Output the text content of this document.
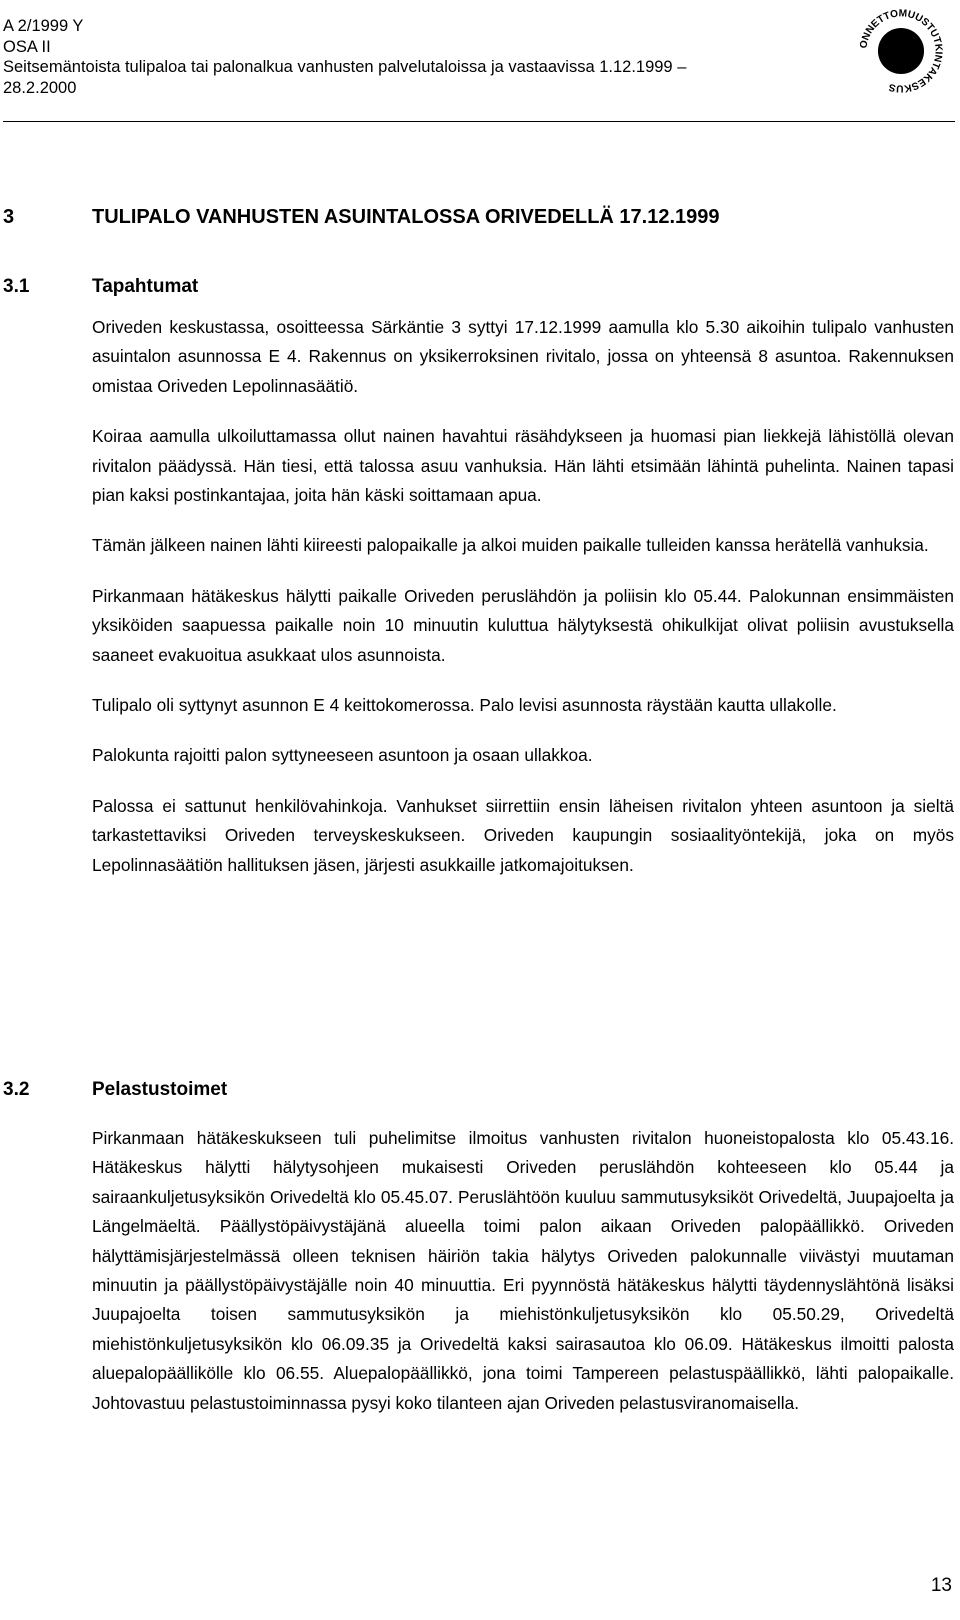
A 2/1999 Y
OSA II
Seitsemäntoista tulipaloa tai palonalkua vanhusten palvelutaloissa ja vastaavissa 1.12.1999 –
28.2.2000
ONNETTOMUUSTUTKINTAKESKUS
3	TULIPALO VANHUSTEN ASUINTALOSSA ORIVEDELLÄ 17.12.1999
3.1	Tapahtumat

Oriveden keskustassa, osoitteessa Särkäntie 3 syttyi 17.12.1999 aamulla klo 5.30 aikoihin tulipalo vanhusten asuintalon asunnossa E 4. Rakennus on yksikerroksinen rivitalo, jossa on yhteensä 8 asuntoa. Rakennuksen omistaa Oriveden Lepolinnasäätiö.

Koiraa aamulla ulkoiluttamassa ollut nainen havahtui räsähdykseen ja huomasi pian liekkejä lähistöllä olevan rivitalon päädyssä. Hän tiesi, että talossa asuu vanhuksia. Hän lähti etsimään lähintä puhelinta. Nainen tapasi pian kaksi postinkantajaa, joita hän käski soittamaan apua.

Tämän jälkeen nainen lähti kiireesti palopaikalle ja alkoi muiden paikalle tulleiden kanssa herätellä vanhuksia.

Pirkanmaan hätäkeskus hälytti paikalle Oriveden peruslähdön ja poliisin klo 05.44. Palokunnan ensimmäisten yksiköiden saapuessa paikalle noin 10 minuutin kuluttua hälytyksestä ohikulkijat olivat poliisin avustuksella saaneet evakuoitua asukkaat ulos asunnoista.

Tulipalo oli syttynyt asunnon E 4 keittokomerossa. Palo levisi asunnosta räystään kautta ullakolle.

Palokunta rajoitti palon syttyneeseen asuntoon ja osaan ullakkoa.

Palossa ei sattunut henkilövahinkoja. Vanhukset siirrettiin ensin läheisen rivitalon yhteen asuntoon ja sieltä tarkastettaviksi Oriveden terveyskeskukseen. Oriveden kaupungin sosiaalityöntekijä, joka on myös Lepolinnasäätiön hallituksen jäsen, järjesti asukkaille jatkomajoituksen.

3.2	Pelastustoimet

Pirkanmaan hätäkeskukseen tuli puhelimitse ilmoitus vanhusten rivitalon huoneistopalosta klo 05.43.16. Hätäkeskus hälytti hälytysohjeen mukaisesti Oriveden peruslähdön kohteeseen klo 05.44 ja sairaankuljetusyksikön Orivedeltä klo 05.45.07. Peruslähtöön kuuluu sammutusyksiköt Orivedeltä, Juupajoelta ja Längelmäeltä. Päällystöpäivystäjänä alueella toimi palon aikaan Oriveden palopäällikkö. Oriveden hälyttämisjärjestelmässä olleen teknisen häiriön takia hälytys Oriveden palokunnalle viivästyi muutaman minuutin ja päällystöpäivystäjälle noin 40 minuuttia. Eri pyynnöstä hätäkeskus hälytti täydennyslähtönä lisäksi Juupajoelta toisen sammutusyksikön ja miehistönkuljetusyksikön klo 05.50.29, Orivedeltä miehistönkuljetusyksikön klo 06.09.35 ja Orivedeltä kaksi sairasautoa klo 06.09. Hätäkeskus ilmoitti palosta aluepalopäällikölle klo 06.55. Aluepalopäällikkö, jona toimi Tampereen pelastuspäällikkö, lähti palopaikalle. Johtovastuu pelastustoiminnassa pysyi koko tilanteen ajan Oriveden pelastusviranomaisella.

13
